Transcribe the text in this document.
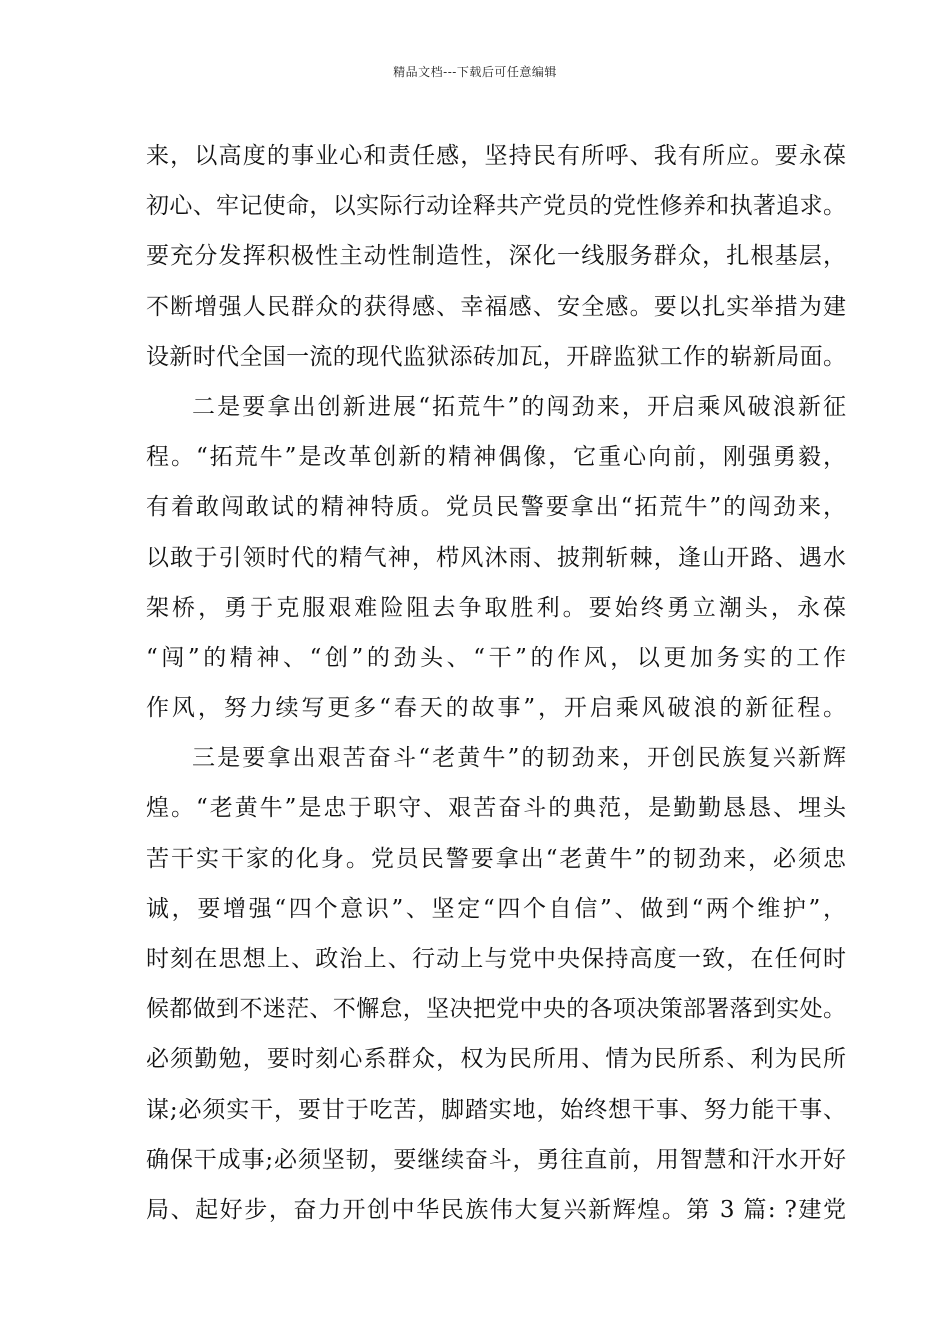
精品文档---下载后可任意编辑
来，以高度的事业心和责任感，坚持民有所呼、我有所应。要永葆
初心、牢记使命，以实际行动诠释共产党员的党性修养和执著追求。
要充分发挥积极性主动性制造性，深化一线服务群众，扎根基层，
不断增强人民群众的获得感、幸福感、安全感。要以扎实举措为建
设新时代全国一流的现代监狱添砖加瓦，开辟监狱工作的崭新局面。
二是要拿出创新进展“拓荒牛”的闯劲来，开启乘风破浪新征
程。“拓荒牛”是改革创新的精神偶像，它重心向前，刚强勇毅，
有着敢闯敢试的精神特质。党员民警要拿出“拓荒牛”的闯劲来，
以敢于引领时代的精气神，栉风沐雨、披荆斩棘，逢山开路、遇水
架桥，勇于克服艰难险阻去争取胜利。要始终勇立潮头，永葆
“闯”的精神、“创”的劲头、“干”的作风，以更加务实的工作
作风，努力续写更多“春天的故事”，开启乘风破浪的新征程。
三是要拿出艰苦奋斗“老黄牛”的韧劲来，开创民族复兴新辉
煌。“老黄牛”是忠于职守、艰苦奋斗的典范，是勤勤恳恳、埋头
苦干实干家的化身。党员民警要拿出“老黄牛”的韧劲来，必须忠
诚，要增强“四个意识”、坚定“四个自信”、做到“两个维护”，
时刻在思想上、政治上、行动上与党中央保持高度一致，在任何时
候都做到不迷茫、不懈怠，坚决把党中央的各项决策部署落到实处。
必须勤勉，要时刻心系群众，权为民所用、情为民所系、利为民所
谋;必须实干，要甘于吃苦，脚踏实地，始终想干事、努力能干事、
确保干成事;必须坚韧，要继续奋斗，勇往直前，用智慧和汗水开好
局、起好步，奋力开创中华民族伟大复兴新辉煌。第 3 篇: ?建党
